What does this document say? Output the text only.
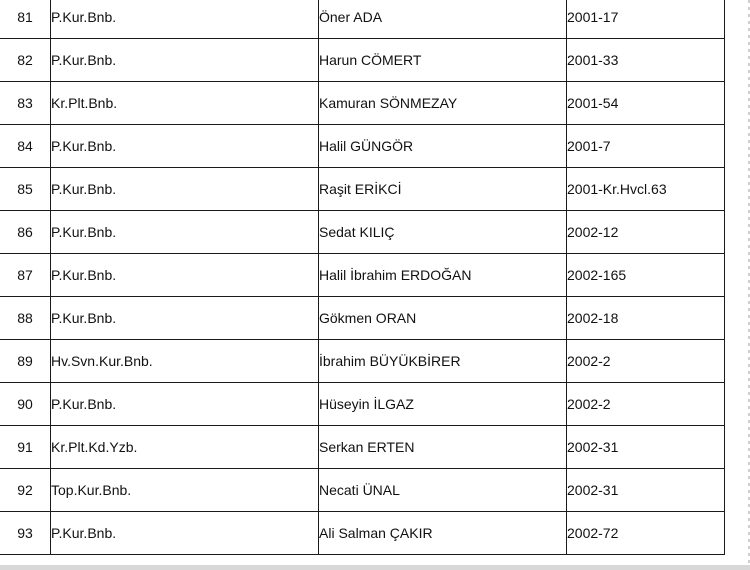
81	P.Kur.Bnb.	Öner ADA	2001-17
82	P.Kur.Bnb.	Harun CÖMERT	2001-33
83	Kr.Plt.Bnb.	Kamuran SÖNMEZAY	2001-54
84	P.Kur.Bnb.	Halil GÜNGÖR	2001-7
85	P.Kur.Bnb.	Raşit ERİKCİ	2001-Kr.Hvcl.63
86	P.Kur.Bnb.	Sedat KILIÇ	2002-12
87	P.Kur.Bnb.	Halil İbrahim ERDOĞAN	2002-165
88	P.Kur.Bnb.	Gökmen ORAN	2002-18
89	Hv.Svn.Kur.Bnb.	İbrahim BÜYÜKBİRER	2002-2
90	P.Kur.Bnb.	Hüseyin İLGAZ	2002-2
91	Kr.Plt.Kd.Yzb.	Serkan ERTEN	2002-31
92	Top.Kur.Bnb.	Necati ÜNAL	2002-31
93	P.Kur.Bnb.	Ali Salman ÇAKIR	2002-72
